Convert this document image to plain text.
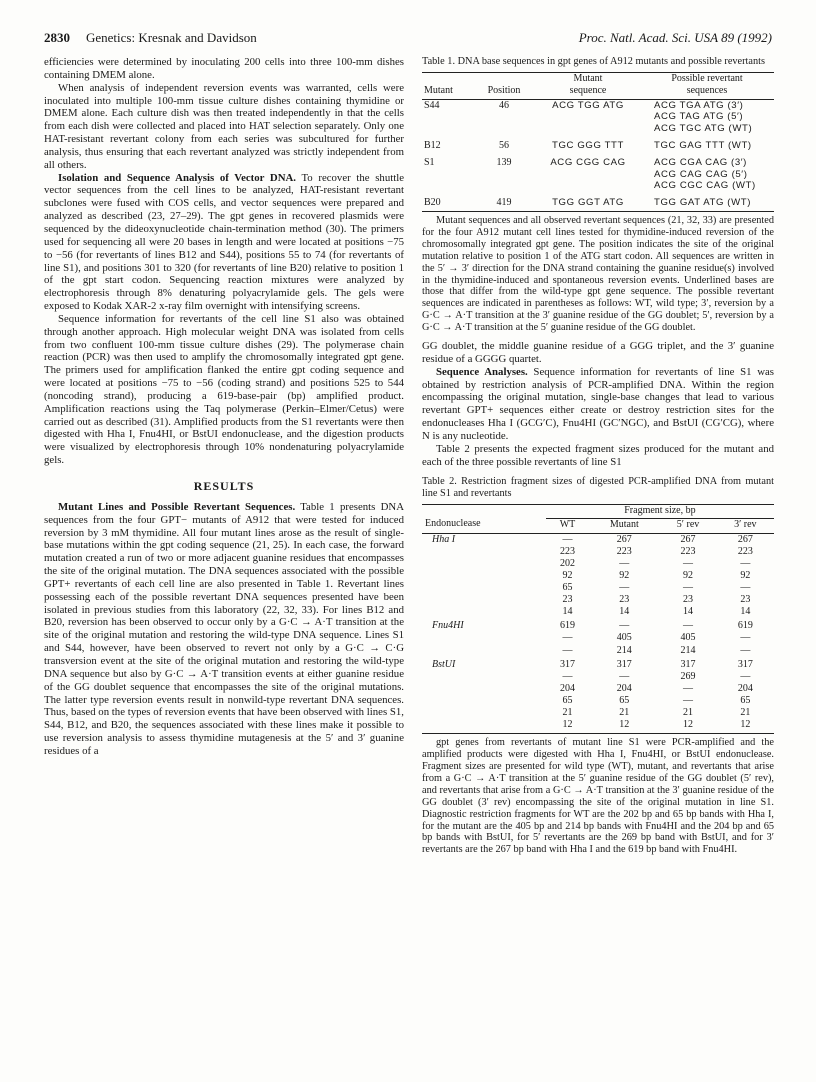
2830 Genetics: Kresnak and Davidson	Proc. Natl. Acad. Sci. USA 89 (1992)

efficiencies were determined by inoculating 200 cells into three 100-mm dishes containing DMEM alone.

When analysis of independent reversion events was warranted, cells were inoculated into multiple 100-mm tissue culture dishes containing thymidine or DMEM alone. Each culture dish was then treated independently in that the cells from each dish were collected and placed into HAT selection separately. Only one HAT-resistant revertant colony from each series was subcultured for further analysis, thus ensuring that each revertant analyzed was strictly independent from all others.

Isolation and Sequence Analysis of Vector DNA. To recover the shuttle vector sequences from the cell lines to be analyzed, HAT-resistant revertant subclones were fused with COS cells, and vector sequences were prepared and analyzed as described (23, 27–29). The gpt genes in recovered plasmids were sequenced by the dideoxynucleotide chain-termination method (30). The primers used for sequencing all were 20 bases in length and were located at positions −75 to −56 (for revertants of lines B12 and S44), positions 55 to 74 (for revertants of line S1), and positions 301 to 320 (for revertants of line B20) relative to position 1 of the gpt start codon. Sequencing reaction mixtures were analyzed by electrophoresis through 8% denaturing polyacrylamide gels. The gels were exposed to Kodak XAR-2 x-ray film overnight with intensifying screens.

Sequence information for revertants of the cell line S1 also was obtained through another approach. High molecular weight DNA was isolated from cells from two confluent 100-mm tissue culture dishes (29). The polymerase chain reaction (PCR) was then used to amplify the chromosomally integrated gpt gene. The primers used for amplification flanked the entire gpt coding sequence and were located at positions −75 to −56 (coding strand) and positions 525 to 544 (noncoding strand), producing a 619-base-pair (bp) amplified product. Amplification reactions using the Taq polymerase (Perkin–Elmer/Cetus) were carried out as described (31). Amplified products from the S1 revertants were then digested with Hha I, Fnu4HI, or BstUI endonuclease, and the digestion products were visualized by electrophoresis through 10% nondenaturing polyacrylamide gels.

RESULTS

Mutant Lines and Possible Revertant Sequences. Table 1 presents DNA sequences from the four GPT− mutants of A912 that were tested for induced reversion by 3 mM thymidine. All four mutant lines arose as the result of single-base mutations within the gpt coding sequence (21, 25). In each case, the forward mutation created a run of two or more adjacent guanine residues that encompasses the site of the original mutation. The DNA sequences associated with the possible GPT+ revertants of each cell line are also presented in Table 1. Revertant lines possessing each of the possible revertant DNA sequences presented have been isolated in previous studies from this laboratory (22, 32, 33). For lines B12 and B20, reversion has been observed to occur only by a G·C → A·T transition at the site of the original mutation and restoring the wild-type DNA sequence. Lines S1 and S44, however, have been observed to revert not only by a G·C → C·G transversion event at the site of the original mutation and restoring the wild-type DNA sequence but also by G·C → A·T transition events at either guanine residue of the GG doublet sequence that encompasses the site of the original mutations. The latter type reversion events result in nonwild-type revertant DNA sequences. Thus, based on the types of reversion events that have been observed with lines S1, S44, B12, and B20, the sequences associated with these lines make it possible to use reversion analysis to assess thymidine mutagenesis at the 5′ and 3′ guanine residues of a

Table 1. DNA base sequences in gpt genes of A912 mutants and possible revertants

		Mutant	Possible revertant
Mutant	Position	sequence	sequences
S44	46	ACG TGG ATG	ACG TGA ATG (3′)
			ACG TAG ATG (5′)
			ACG TGC ATG (WT)
B12	56	TGC GGG TTT	TGC GAG TTT (WT)
S1	139	ACG CGG CAG	ACG CGA CAG (3′)
			ACG CAG CAG (5′)
			ACG CGC CAG (WT)
B20	419	TGG GGT ATG	TGG GAT ATG (WT)

Mutant sequences and all observed revertant sequences (21, 32, 33) are presented for the four A912 mutant cell lines tested for thymidine-induced reversion of the chromosomally integrated gpt gene. The position indicates the site of the original mutation relative to position 1 of the ATG start codon. All sequences are written in the 5′ → 3′ direction for the DNA strand containing the guanine residue(s) involved in the thymidine-induced and spontaneous reversion events. Underlined bases are those that differ from the wild-type gpt gene sequence. The possible revertant sequences are indicated in parentheses as follows: WT, wild type; 3′, reversion by a G·C → A·T transition at the 3′ guanine residue of the GG doublet; 5′, reversion by a G·C → A·T transition at the 5′ guanine residue of the GG doublet.

GG doublet, the middle guanine residue of a GGG triplet, and the 3′ guanine residue of a GGGG quartet.

Sequence Analyses. Sequence information for revertants of line S1 was obtained by restriction analysis of PCR-amplified DNA. Within the region encompassing the original mutation, single-base changes that lead to various revertant GPT+ sequences either create or destroy restriction sites for the endonucleases Hha I (GCG′C), Fnu4HI (GC′NGC), and BstUI (CG′CG), where N is any nucleotide.

Table 2 presents the expected fragment sizes produced for the mutant and each of the three possible revertants of line S1

Table 2. Restriction fragment sizes of digested PCR-amplified DNA from mutant line S1 and revertants

	Fragment size, bp			
Endonuclease	WT	Mutant	5′ rev	3′ rev
Hha I	—	267	267	267
	223	223	223	223
	202	—	—	—
	92	92	92	92
	65	—	—	—
	23	23	23	23
	14	14	14	14
Fnu4HI	619	—	—	619
	—	405	405	—
	—	214	214	—
BstUI	317	317	317	317
	—	—	269	—
	204	204	—	204
	65	65	—	65
	21	21	21	21
	12	12	12	12

gpt genes from revertants of mutant line S1 were PCR-amplified and the amplified products were digested with Hha I, Fnu4HI, or BstUI endonuclease. Fragment sizes are presented for wild type (WT), mutant, and revertants that arise from a G·C → A·T transition at the 5′ guanine residue of the GG doublet (5′ rev), and revertants that arise from a G·C → A·T transition at the 3′ guanine residue of the GG doublet (3′ rev) encompassing the site of the original mutation in line S1. Diagnostic restriction fragments for WT are the 202 bp and 65 bp bands with Hha I, for the mutant are the 405 bp and 214 bp bands with Fnu4HI and the 204 bp and 65 bp bands with BstUI, for 5′ revertants are the 269 bp band with BstUI, and for 3′ revertants are the 267 bp band with Hha I and the 619 bp band with Fnu4HI.
